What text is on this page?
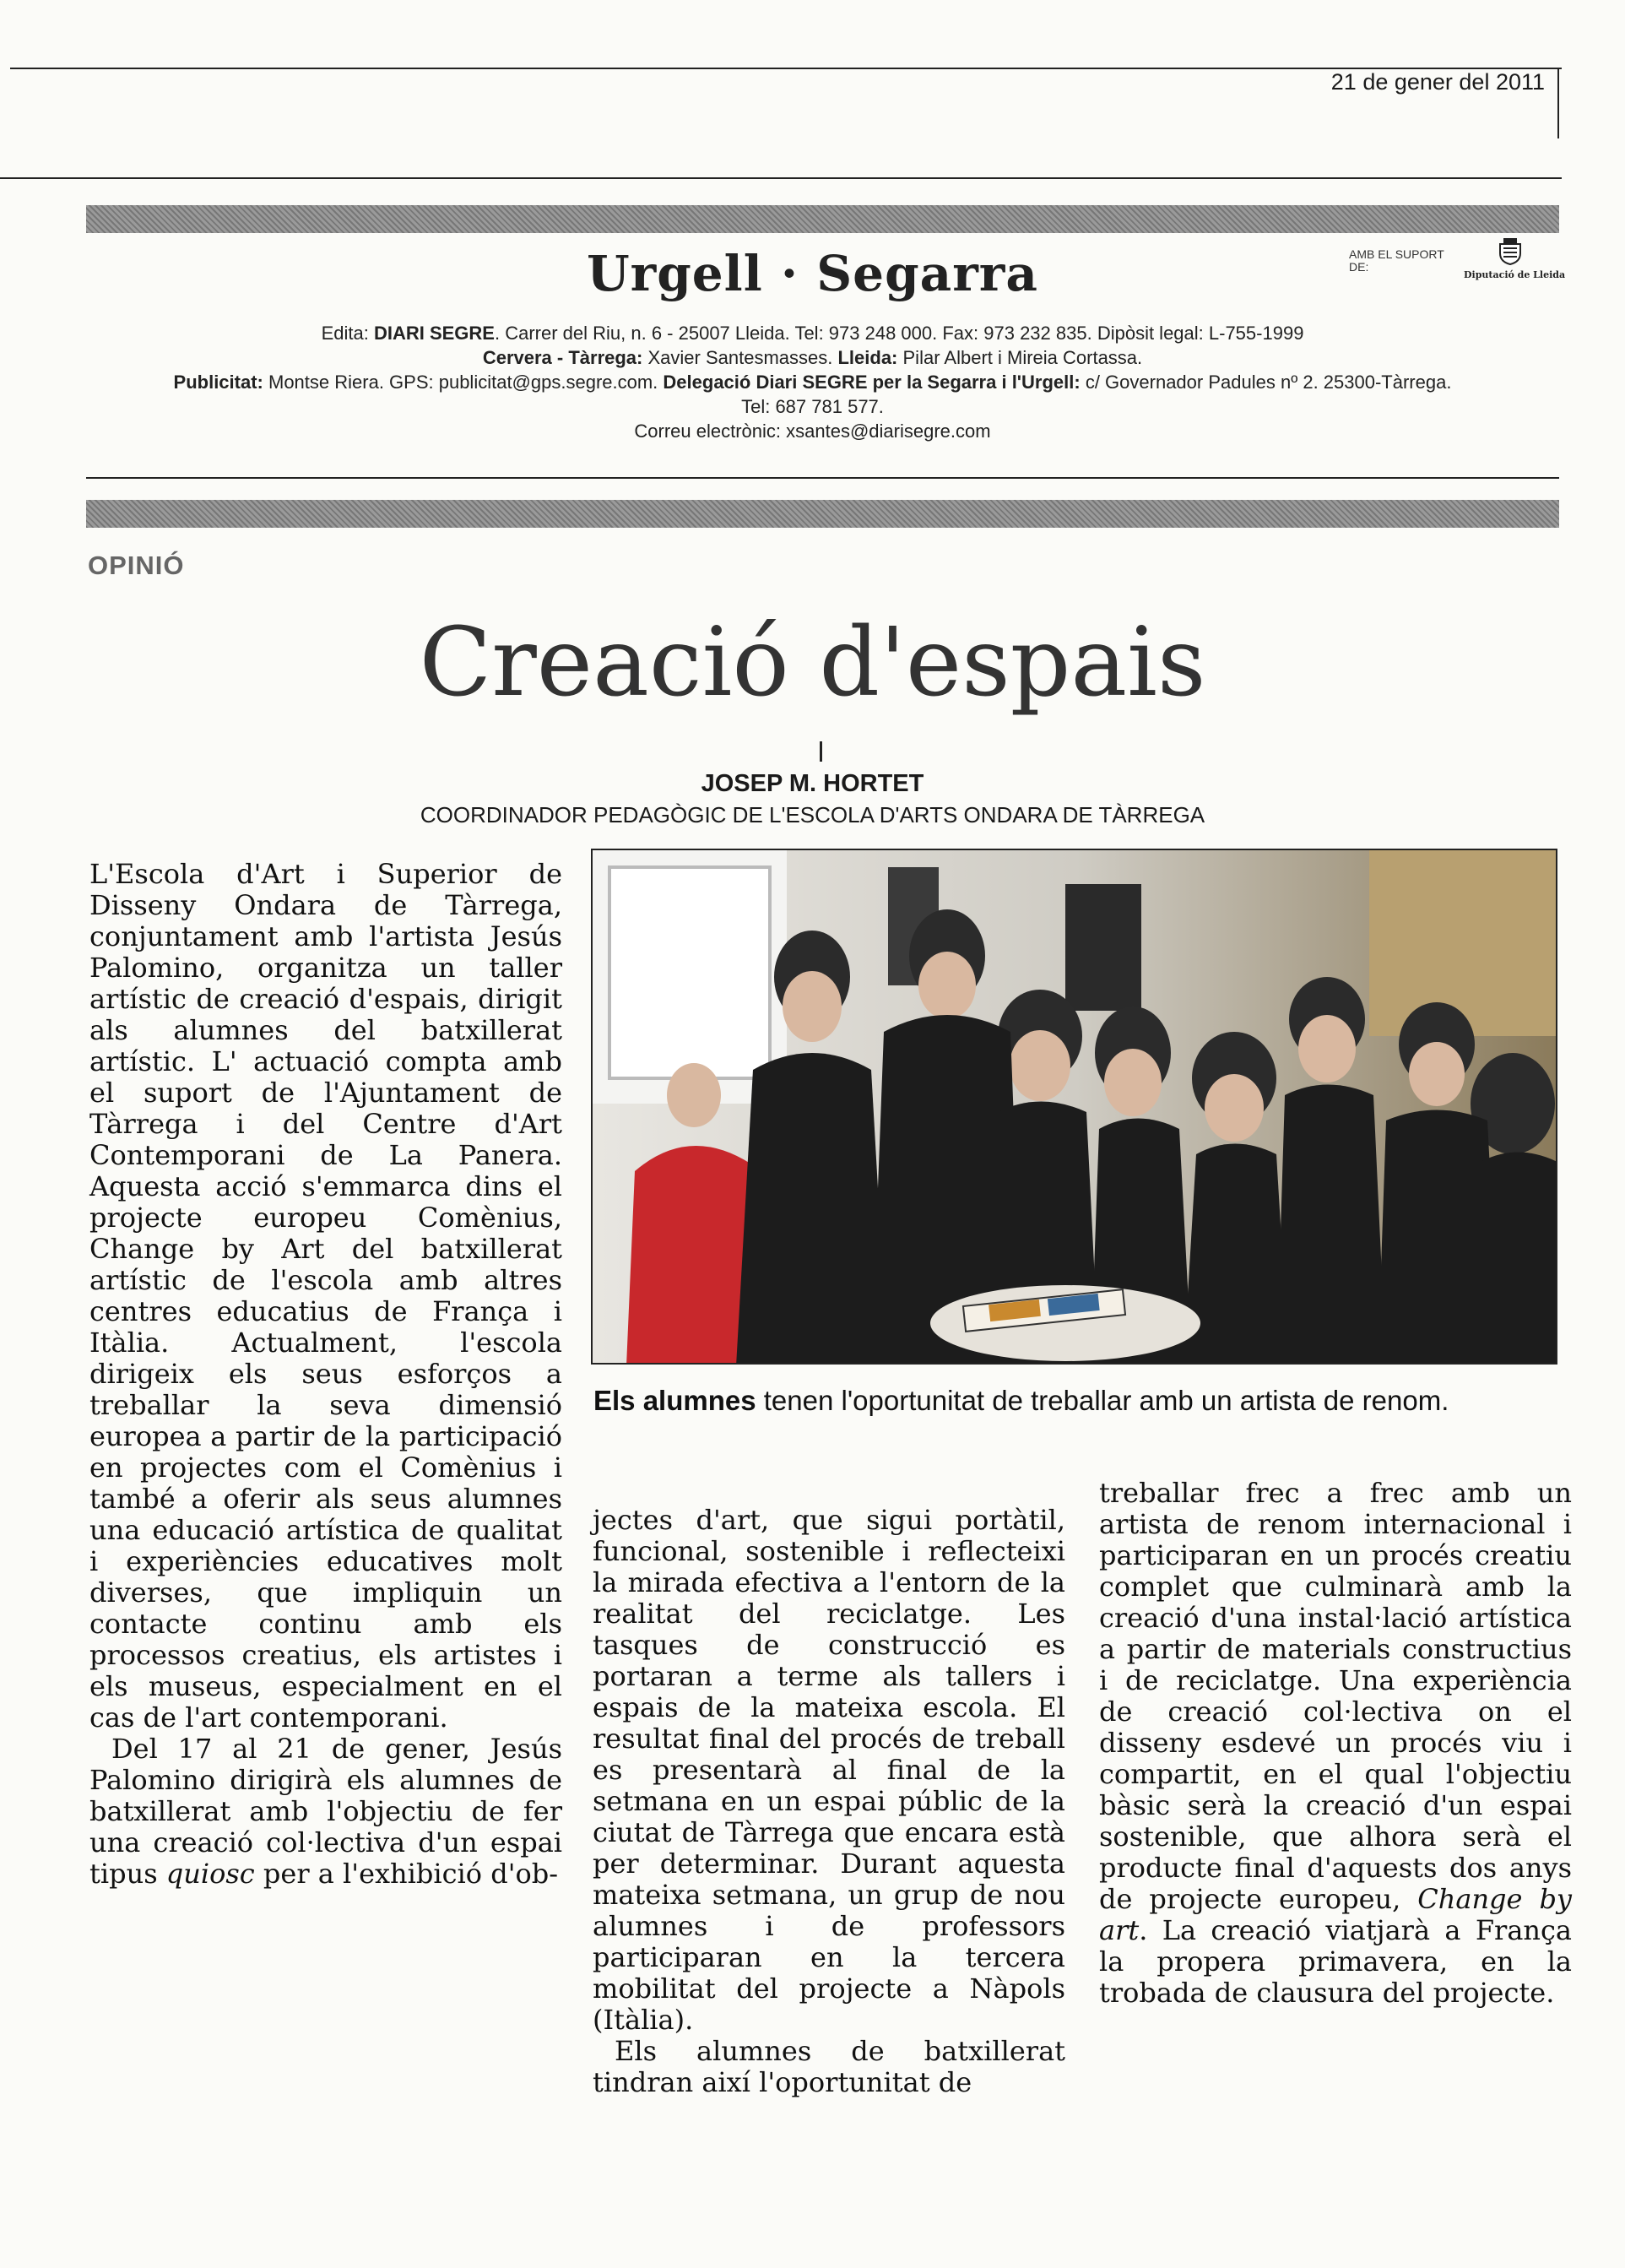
21 de gener del 2011
Urgell · Segarra	AMB EL SUPORT DE:
Diputació de Lleida
Edita: DIARI SEGRE. Carrer del Riu, n. 6 - 25007 Lleida. Tel: 973 248 000. Fax: 973 232 835. Dipòsit legal: L-755-1999
Cervera - Tàrrega: Xavier Santesmasses. Lleida: Pilar Albert i Mireia Cortassa.
Publicitat: Montse Riera. GPS: publicitat@gps.segre.com. Delegació Diari SEGRE per la Segarra i l'Urgell: c/ Governador Padules nº 2. 25300-Tàrrega.
Tel: 687 781 577.
Correu electrònic: xsantes@diarisegre.com
OPINIÓ
Creació d'espais
JOSEP M. HORTET
COORDINADOR PEDAGÒGIC DE L'ESCOLA D'ARTS ONDARA DE TÀRREGA

L'Escola d'Art i Superior de Disseny Ondara de Tàrrega, conjuntament amb l'artista Jesús Palomino, organitza un taller artístic de creació d'espais, dirigit als alumnes del batxillerat artístic. L' actuació compta amb el suport de l'Ajuntament de Tàrrega i del Centre d'Art Contemporani de La Panera. Aquesta acció s'emmarca dins el projecte europeu Comènius, Change by Art del batxillerat artístic de l'escola amb altres centres educatius de França i Itàlia. Actualment, l'escola dirigeix els seus esforços a treballar la seva dimensió europea a partir de la participació en projectes com el Comènius i també a oferir als seus alumnes una educació artística de qualitat i experiències educatives molt diverses, que impliquin un contacte continu amb els processos creatius, els artistes i els museus, especialment en el cas de l'art contemporani.

Del 17 al 21 de gener, Jesús Palomino dirigirà els alumnes de batxillerat amb l'objectiu de fer una creació col·lectiva d'un espai tipus quiosc per a l'exhibició d'ob-

Els alumnes tenen l'oportunitat de treballar amb un artista de renom.

jectes d'art, que sigui portàtil, funcional, sostenible i reflecteixi la mirada efectiva a l'entorn de la realitat del reciclatge. Les tasques de construcció es portaran a terme als tallers i espais de la mateixa escola. El resultat final del procés de treball es presentarà al final de la setmana en un espai públic de la ciutat de Tàrrega que encara està per determinar. Durant aquesta mateixa setmana, un grup de nou alumnes i de professors participaran en la tercera mobilitat del projecte a Nàpols (Itàlia).

Els alumnes de batxillerat tindran així l'oportunitat de

treballar frec a frec amb un artista de renom internacional i participaran en un procés creatiu complet que culminarà amb la creació d'una instal·lació artística a partir de materials constructius i de reciclatge. Una experiència de creació col·lectiva on el disseny esdevé un procés viu i compartit, en el qual l'objectiu bàsic serà la creació d'un espai sostenible, que alhora serà el producte final d'aquests dos anys de projecte europeu, Change by art. La creació viatjarà a França la propera primavera, en la trobada de clausura del projecte.
